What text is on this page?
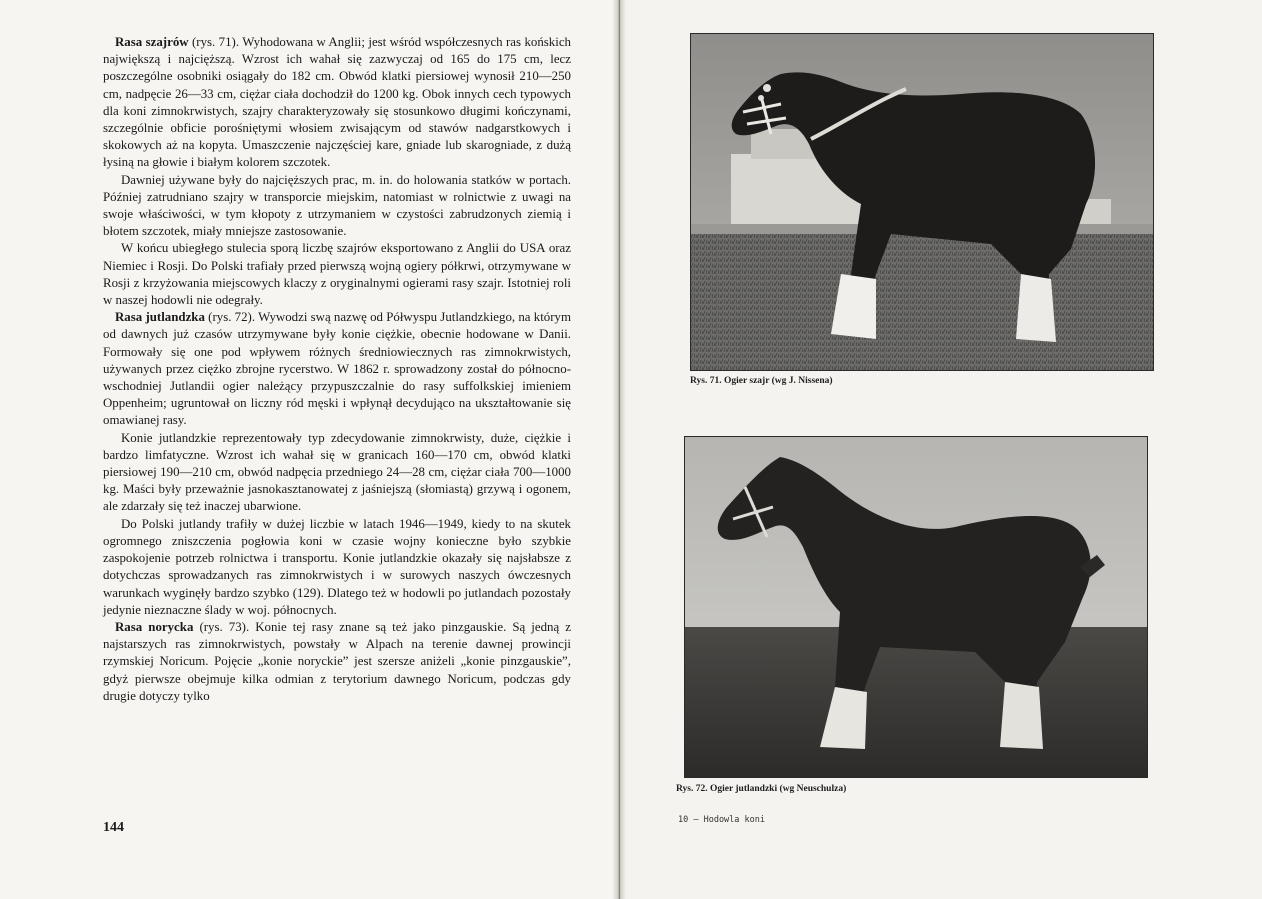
Rasa szajrów (rys. 71). Wyhodowana w Anglii; jest wśród współczesnych ras końskich największą i najcięższą. Wzrost ich wahał się zazwyczaj od 165 do 175 cm, lecz poszczególne osobniki osiągały do 182 cm. Obwód klatki piersiowej wynosił 210—250 cm, nadpęcie 26—33 cm, ciężar ciała dochodził do 1200 kg. Obok innych cech typowych dla koni zimnokrwistych, szajry charakteryzowały się stosunkowo długimi kończynami, szczególnie obficie porośniętymi włosiem zwisającym od stawów nadgarstkowych i skokowych aż na kopyta. Umaszczenie najczęściej kare, gniade lub skarogniade, z dużą łysiną na głowie i białym kolorem szczotek.

Dawniej używane były do najcięższych prac, m. in. do holowania statków w portach. Później zatrudniano szajry w transporcie miejskim, natomiast w rolnictwie z uwagi na swoje właściwości, w tym kłopoty z utrzymaniem w czystości zabrudzonych ziemią i błotem szczotek, miały mniejsze zastosowanie.

W końcu ubiegłego stulecia sporą liczbę szajrów eksportowano z Anglii do USA oraz Niemiec i Rosji. Do Polski trafiały przed pierwszą wojną ogiery półkrwi, otrzymywane w Rosji z krzyżowania miejscowych klaczy z oryginalnymi ogierami rasy szajr. Istotniej roli w naszej hodowli nie odegrały.

Rasa jutlandzka (rys. 72). Wywodzi swą nazwę od Półwyspu Jutlandzkiego, na którym od dawnych już czasów utrzymywane były konie ciężkie, obecnie hodowane w Danii. Formowały się one pod wpływem różnych średniowiecznych ras zimnokrwistych, używanych przez ciężko zbrojne rycerstwo. W 1862 r. sprowadzony został do północno-wschodniej Jutlandii ogier należący przypuszczalnie do rasy suffolkskiej imieniem Oppenheim; ugruntował on liczny ród męski i wpłynął decydująco na ukształtowanie się omawianej rasy.

Konie jutlandzkie reprezentowały typ zdecydowanie zimnokrwisty, duże, ciężkie i bardzo limfatyczne. Wzrost ich wahał się w granicach 160—170 cm, obwód klatki piersiowej 190—210 cm, obwód nadpęcia przedniego 24—28 cm, ciężar ciała 700—1000 kg. Maści były przeważnie jasnokasztanowatej z jaśniejszą (słomiastą) grzywą i ogonem, ale zdarzały się też inaczej ubarwione.

Do Polski jutlandy trafiły w dużej liczbie w latach 1946—1949, kiedy to na skutek ogromnego zniszczenia pogłowia koni w czasie wojny konieczne było szybkie zaspokojenie potrzeb rolnictwa i transportu. Konie jutlandzkie okazały się najsłabsze z dotychczas sprowadzanych ras zimnokrwistych i w surowych naszych ówczesnych warunkach wyginęły bardzo szybko (129). Dlatego też w hodowli po jutlandach pozostały jedynie nieznaczne ślady w woj. północnych.

Rasa norycka (rys. 73). Konie tej rasy znane są też jako pinzgauskie. Są jedną z najstarszych ras zimnokrwistych, powstały w Alpach na terenie dawnej prowincji rzymskiej Noricum. Pojęcie „konie noryckie” jest szersze aniżeli „konie pinzgauskie”, gdyż pierwsze obejmuje kilka odmian z terytorium dawnego Noricum, podczas gdy drugie dotyczy tylko

144
Rys. 71. Ogier szajr (wg J. Nissena)
Rys. 72. Ogier jutlandzki (wg Neuschulza)
10 — Hodowla koni
